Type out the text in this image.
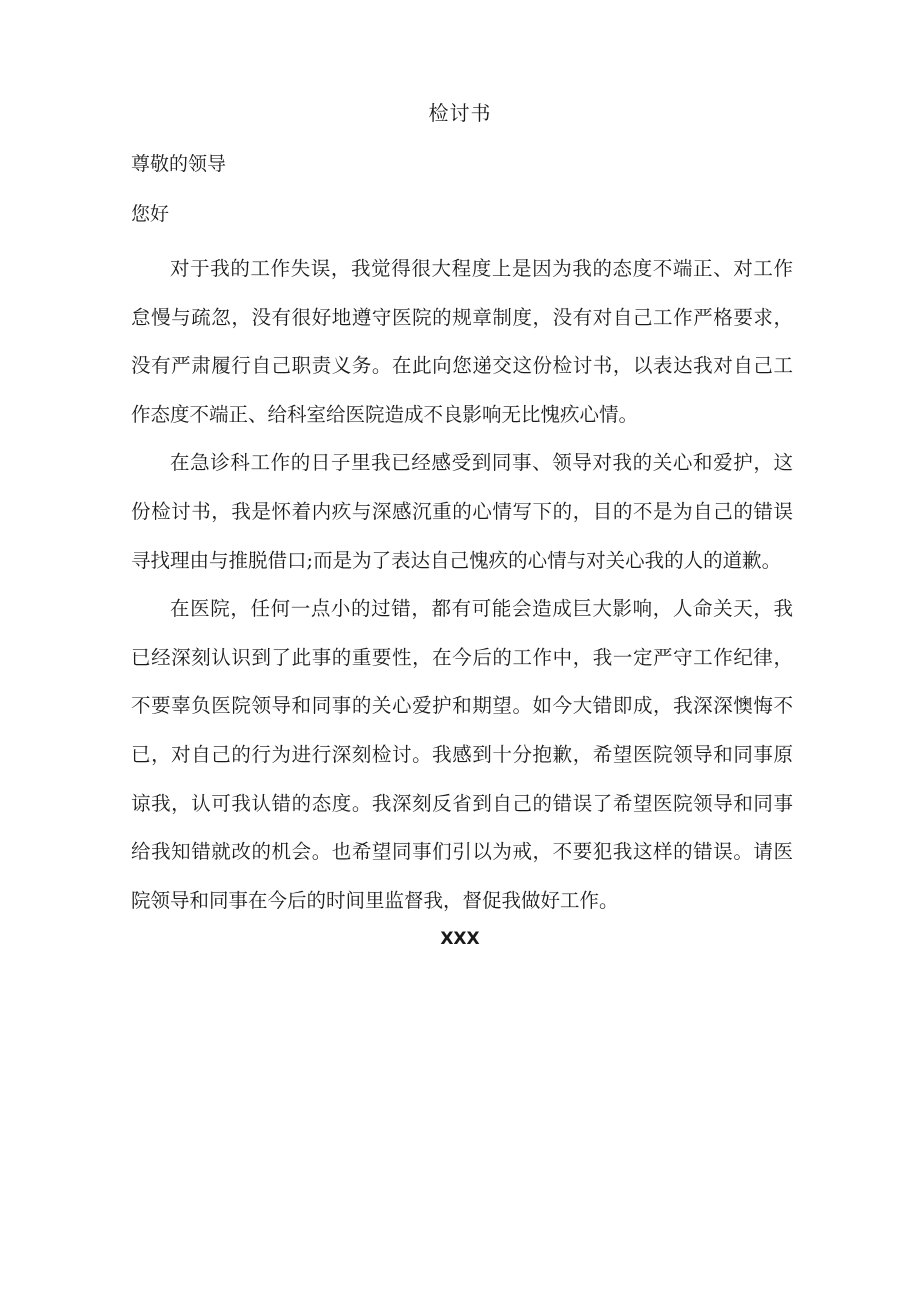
检讨书
尊敬的领导
您好

对于我的工作失误，我觉得很大程度上是因为我的态度不端正、对工作怠慢与疏忽，没有很好地遵守医院的规章制度，没有对自己工作严格要求，没有严肃履行自己职责义务。在此向您递交这份检讨书，以表达我对自己工作态度不端正、给科室给医院造成不良影响无比愧疚心情。

在急诊科工作的日子里我已经感受到同事、领导对我的关心和爱护，这份检讨书，我是怀着内疚与深感沉重的心情写下的，目的不是为自己的错误寻找理由与推脱借口;而是为了表达自己愧疚的心情与对关心我的人的道歉。

在医院，任何一点小的过错，都有可能会造成巨大影响，人命关天，我已经深刻认识到了此事的重要性，在今后的工作中，我一定严守工作纪律，不要辜负医院领导和同事的关心爱护和期望。如今大错即成，我深深懊悔不已，对自己的行为进行深刻检讨。我感到十分抱歉，希望医院领导和同事原谅我，认可我认错的态度。我深刻反省到自己的错误了希望医院领导和同事给我知错就改的机会。也希望同事们引以为戒，不要犯我这样的错误。请医院领导和同事在今后的时间里监督我，督促我做好工作。

XXX
